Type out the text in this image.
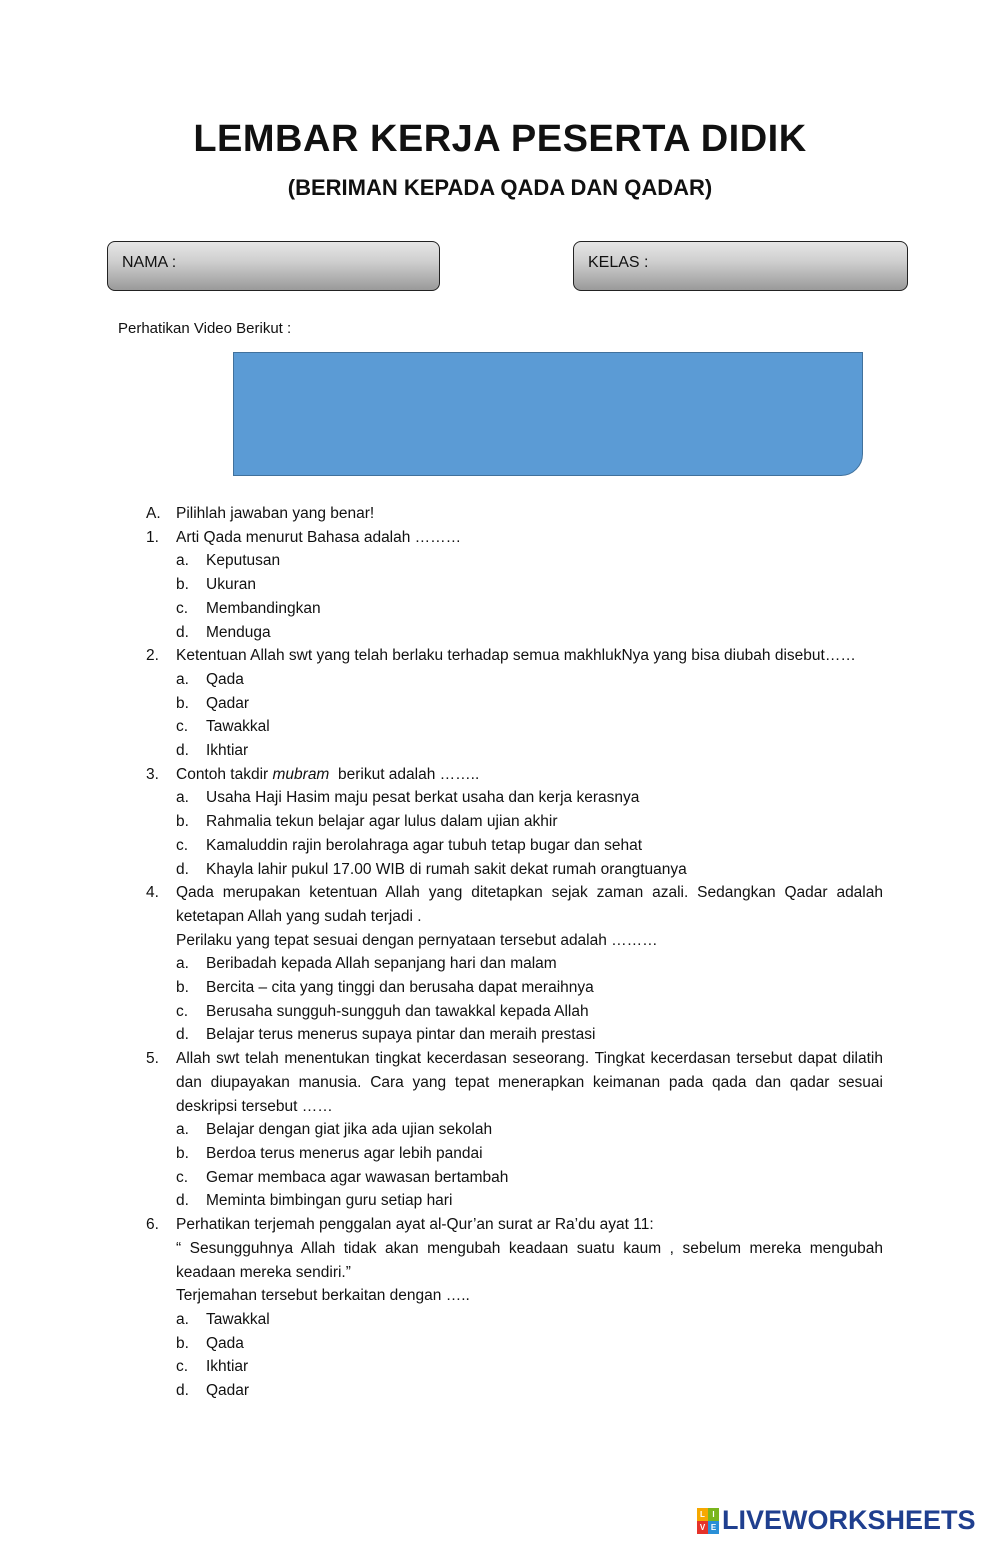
LEMBAR KERJA PESERTA DIDIK
(BERIMAN KEPADA QADA DAN QADAR)
NAMA :	KELAS :
Perhatikan Video Berikut :
A. Pilihlah jawaban yang benar!
1.	Arti Qada menurut Bahasa adalah ………
a.	Keputusan
b.	Ukuran
c.	Membandingkan
d.	Menduga
2.	Ketentuan Allah swt yang telah berlaku terhadap semua makhlukNya yang bisa diubah disebut……
a.	Qada
b.	Qadar
c.	Tawakkal
d.	Ikhtiar
3.	Contoh takdir mubram  berikut adalah ……..
a.	Usaha Haji Hasim maju pesat berkat usaha dan kerja kerasnya
b.	Rahmalia tekun belajar agar lulus dalam ujian akhir
c.	Kamaluddin rajin berolahraga agar tubuh tetap bugar dan sehat
d.	Khayla lahir pukul 17.00 WIB di rumah sakit dekat rumah orangtuanya
4.	Qada merupakan ketentuan Allah yang ditetapkan sejak zaman azali. Sedangkan Qadar adalah ketetapan Allah yang sudah terjadi .
Perilaku yang tepat sesuai dengan pernyataan tersebut adalah ………
a.	Beribadah kepada Allah sepanjang hari dan malam
b.	Bercita – cita yang tinggi dan berusaha dapat meraihnya
c.	Berusaha sungguh-sungguh dan tawakkal kepada Allah
d.	Belajar terus menerus supaya pintar dan meraih prestasi
5.	Allah swt telah menentukan tingkat kecerdasan seseorang. Tingkat kecerdasan tersebut dapat dilatih dan diupayakan manusia. Cara yang tepat menerapkan keimanan pada qada dan qadar sesuai deskripsi tersebut ……
a.	Belajar dengan giat jika ada ujian sekolah
b.	Berdoa terus menerus agar lebih pandai
c.	Gemar membaca agar wawasan bertambah
d.	Meminta bimbingan guru setiap hari
6.	Perhatikan terjemah penggalan ayat al-Qur’an surat ar Ra’du ayat 11:
“ Sesungguhnya Allah tidak akan mengubah keadaan suatu kaum , sebelum mereka mengubah keadaan mereka sendiri.”
Terjemahan tersebut berkaitan dengan …..
a.	Tawakkal
b.	Qada
c.	Ikhtiar
d.	Qadar
L I
V E LIVEWORKSHEETS
